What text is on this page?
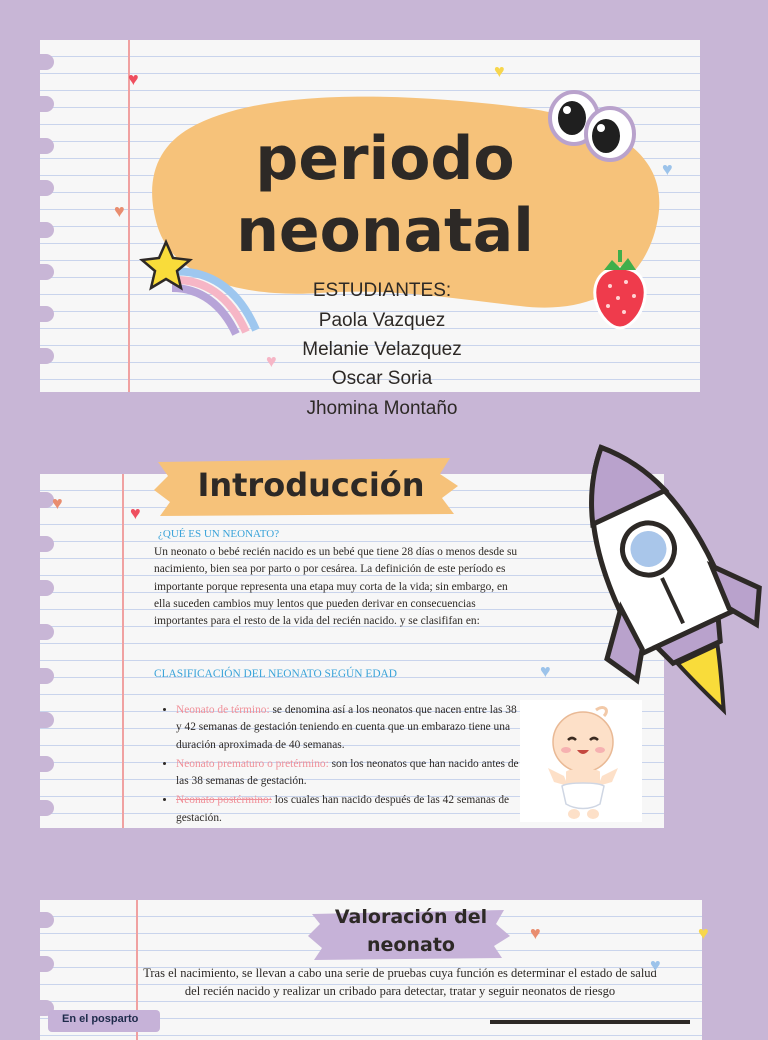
periodo
neonatal
ESTUDIANTES:
Paola Vazquez
Melanie Velazquez
Oscar Soria
Jhomina Montaño
♥	♥
♥
♥
♥
Introducción
¿QUÉ ES UN NEONATO?
Un neonato o bebé recién nacido es un bebé que tiene 28 días o menos desde su nacimiento, bien sea por parto o por cesárea. La definición de este período es importante porque representa una etapa muy corta de la vida; sin embargo, en ella suceden cambios muy lentos que pueden derivar en consecuencias importantes para el resto de la vida del recién nacido. y se clasififan en:
CLASIFICACIÓN DEL NEONATO SEGÚN EDAD
• Neonato de término: se denomina así a los neonatos que nacen entre las 38 y 42 semanas de gestación teniendo en cuenta que un embarazo tiene una duración aproximada de 40 semanas.
• Neonato prematuro o pretérmino: son los neonatos que han nacido antes de las 38 semanas de gestación.
• Neonato postérmino: los cuales han nacido después de las 42 semanas de gestación.
♥	♥
♥
Valoración del
neonato
Tras el nacimiento, se llevan a cabo una serie de pruebas cuya función es determinar el estado de salud del recién nacido y realizar un cribado para detectar, tratar y seguir neonatos de riesgo
En el posparto
♥	♥
♥
